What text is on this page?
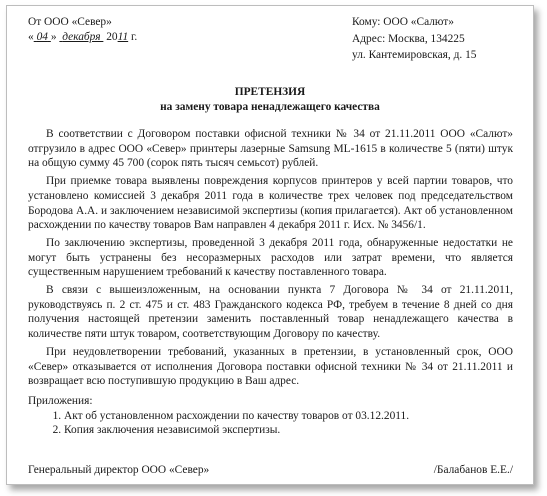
От ООО «Север»
« 04 » декабря 2011 г.
Кому: ООО «Салют»
Адрес: Москва, 134225
ул. Кантемировская, д. 15
ПРЕТЕНЗИЯ
на замену товара ненадлежащего качества

В соответствии с Договором поставки офисной техники № 34 от 21.11.2011 ООО «Салют» отгрузило в адрес ООО «Север» принтеры лазерные Samsung ML-1615 в количестве 5 (пяти) штук на общую сумму 45 700 (сорок пять тысяч семьсот) рублей.

При приемке товара выявлены повреждения корпусов принтеров у всей партии товаров, что установлено комиссией 3 декабря 2011 года в количестве трех человек под председательством Бородова А.А. и заключением независимой экспертизы (копия прилагается). Акт об установленном расхождении по качеству товаров Вам направлен 4 декабря 2011 г. Исх. № 3456/1.

По заключению экспертизы, проведенной 3 декабря 2011 года, обнаруженные недостатки не могут быть устранены без несоразмерных расходов или затрат времени, что является существенным нарушением требований к качеству поставленного товара.

В связи с вышеизложенным, на основании пункта 7 Договора № 34 от 21.11.2011, руководствуясь п. 2 ст. 475 и ст. 483 Гражданского кодекса РФ, требуем в течение 8 дней со дня получения настоящей претензии заменить поставленный товар ненадлежащего качества в количестве пяти штук товаром, соответствующим Договору по качеству.

При неудовлетворении требований, указанных в претензии, в установленный срок, ООО «Север» отказывается от исполнения Договора поставки офисной техники № 34 от 21.11.2011 и возвращает всю поступившую продукцию в Ваш адрес.

Приложения:
1. Акт об установленном расхождении по качеству товаров от 03.12.2011.
2. Копия заключения независимой экспертизы.
Генеральный директор ООО «Север»	/Балабанов Е.Е./
